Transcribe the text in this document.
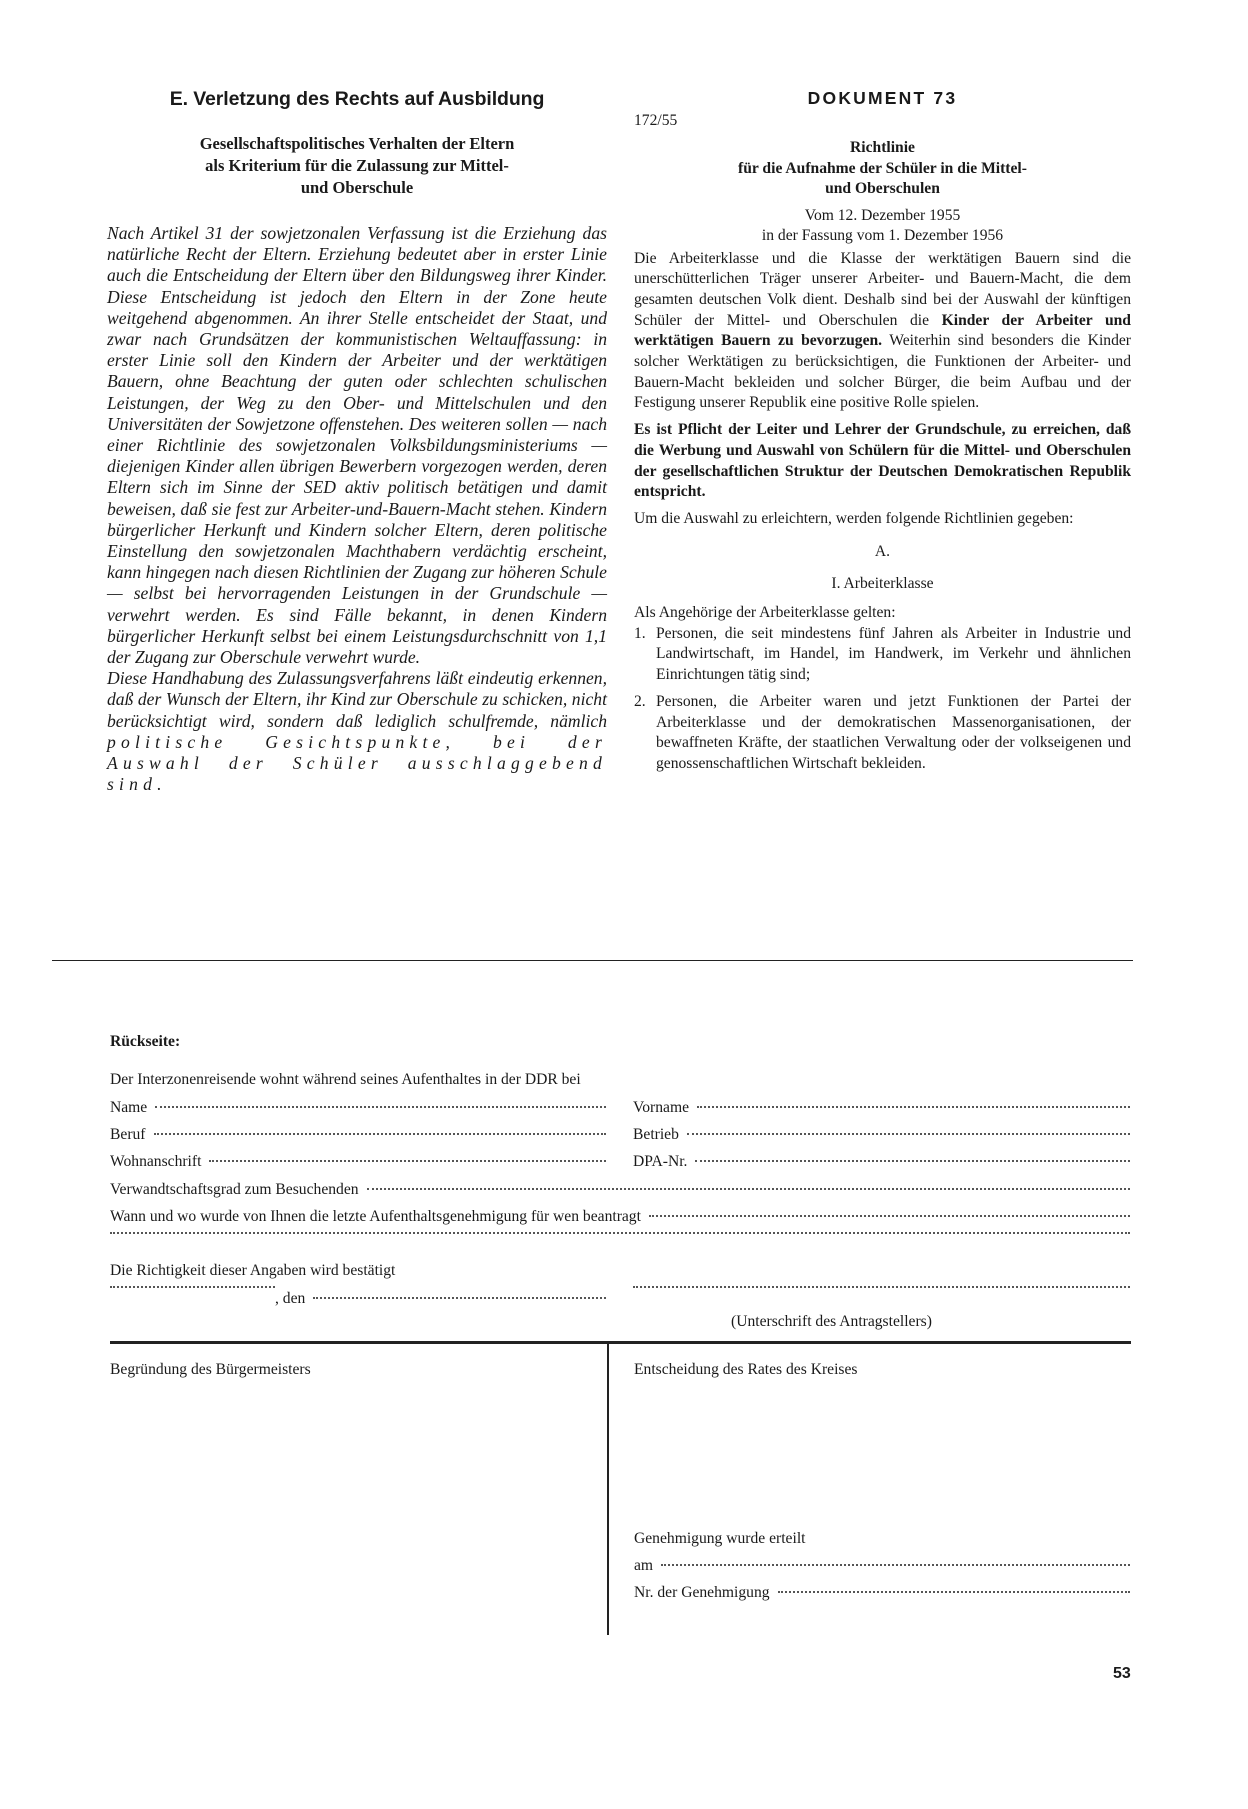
E. Verletzung des Rechts auf Ausbildung
Gesellschaftspolitisches Verhalten der Eltern
als Kriterium für die Zulassung zur Mittel-
und Oberschule

Nach Artikel 31 der sowjetzonalen Verfassung ist die Erziehung das natürliche Recht der Eltern. Erziehung bedeutet aber in erster Linie auch die Entscheidung der Eltern über den Bildungsweg ihrer Kinder. Diese Entscheidung ist jedoch den Eltern in der Zone heute weitgehend abgenommen. An ihrer Stelle entscheidet der Staat, und zwar nach Grundsätzen der kommunistischen Weltauffassung: in erster Linie soll den Kindern der Arbeiter und der werktätigen Bauern, ohne Beachtung der guten oder schlechten schulischen Leistungen, der Weg zu den Ober- und Mittelschulen und den Universitäten der Sowjetzone offenstehen. Des weiteren sollen — nach einer Richtlinie des sowjetzonalen Volksbildungsministeriums — diejenigen Kinder allen übrigen Bewerbern vorgezogen werden, deren Eltern sich im Sinne der SED aktiv politisch betätigen und damit beweisen, daß sie fest zur Arbeiter-und-Bauern-Macht stehen. Kindern bürgerlicher Herkunft und Kindern solcher Eltern, deren politische Einstellung den sowjetzonalen Machthabern verdächtig erscheint, kann hingegen nach diesen Richtlinien der Zugang zur höheren Schule — selbst bei hervorragenden Leistungen in der Grundschule — verwehrt werden. Es sind Fälle bekannt, in denen Kindern bürgerlicher Herkunft selbst bei einem Leistungsdurchschnitt von 1,1 der Zugang zur Oberschule verwehrt wurde.

Diese Handhabung des Zulassungsverfahrens läßt eindeutig erkennen, daß der Wunsch der Eltern, ihr Kind zur Oberschule zu schicken, nicht berücksichtigt wird, sondern daß lediglich schulfremde, nämlich politische Gesichtspunkte, bei der Auswahl der Schüler ausschlaggebend sind.

DOKUMENT 73
172/55
Richtlinie
für die Aufnahme der Schüler in die Mittel-
und Oberschulen
Vom 12. Dezember 1955
in der Fassung vom 1. Dezember 1956

Die Arbeiterklasse und die Klasse der werktätigen Bauern sind die unerschütterlichen Träger unserer Arbeiter- und Bauern-Macht, die dem gesamten deutschen Volk dient. Deshalb sind bei der Auswahl der künftigen Schüler der Mittel- und Oberschulen die Kinder der Arbeiter und werktätigen Bauern zu bevorzugen. Weiterhin sind besonders die Kinder solcher Werktätigen zu berücksichtigen, die Funktionen der Arbeiter- und Bauern-Macht bekleiden und solcher Bürger, die beim Aufbau und der Festigung unserer Republik eine positive Rolle spielen.

Es ist Pflicht der Leiter und Lehrer der Grundschule, zu erreichen, daß die Werbung und Auswahl von Schülern für die Mittel- und Oberschulen der gesellschaftlichen Struktur der Deutschen Demokratischen Republik entspricht.

Um die Auswahl zu erleichtern, werden folgende Richtlinien gegeben:

A.
I. Arbeiterklasse

Als Angehörige der Arbeiterklasse gelten:

1. Personen, die seit mindestens fünf Jahren als Arbeiter in Industrie und Landwirtschaft, im Handel, im Handwerk, im Verkehr und ähnlichen Einrichtungen tätig sind;
2. Personen, die Arbeiter waren und jetzt Funktionen der Partei der Arbeiterklasse und der demokratischen Massenorganisationen, der bewaffneten Kräfte, der staatlichen Verwaltung oder der volkseigenen und genossenschaftlichen Wirtschaft bekleiden.
Rückseite:
Der Interzonenreisende wohnt während seines Aufenthaltes in der DDR bei
Name	Vorname
Beruf	Betrieb
Wohnanschrift	DPA-Nr.
Verwandtschaftsgrad zum Besuchenden
Wann und wo wurde von Ihnen die letzte Aufenthaltsgenehmigung für wen beantragt
Die Richtigkeit dieser Angaben wird bestätigt
, den
(Unterschrift des Antragstellers)
Begründung des Bürgermeisters	Entscheidung des Rates des Kreises
Genehmigung wurde erteilt
am
Nr. der Genehmigung
53
